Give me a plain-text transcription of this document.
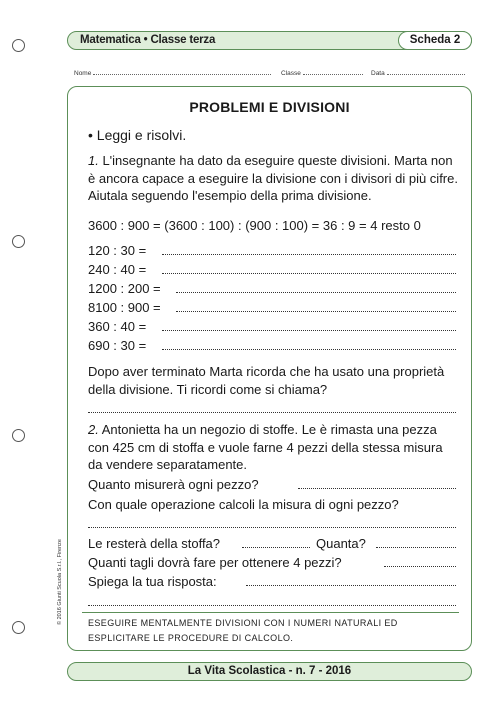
Matematica • Classe terza	Scheda 2
Nome	Classe	Data
PROBLEMI E DIVISIONI
• Leggi e risolvi.
1. L'insegnante ha dato da eseguire queste divisioni. Marta non è ancora capace a eseguire la divisione con i divisori di più cifre. Aiutala seguendo l'esempio della prima divisione.
3600 : 900 = (3600 : 100) : (900 : 100) = 36 : 9 = 4 resto 0
120 : 30 =
240 : 40 =
1200 : 200 =
8100 : 900 =
360 : 40 =
690 : 30 =
Dopo aver terminato Marta ricorda che ha usato una proprietà della divisione. Ti ricordi come si chiama?
2. Antonietta ha un negozio di stoffe. Le è rimasta una pezza con 425 cm di stoffa e vuole farne 4 pezzi della stessa misura da vendere separatamente.
Quanto misurerà ogni pezzo?
Con quale operazione calcoli la misura di ogni pezzo?
Le resterà della stoffa?	Quanta?
Quanti tagli dovrà fare per ottenere 4 pezzi?
Spiega la tua risposta:
ESEGUIRE MENTALMENTE DIVISIONI CON I NUMERI NATURALI ED ESPLICITARE LE PROCEDURE DI CALCOLO.
© 2016 Giunti Scuola S.r.l., Firenze
La Vita Scolastica - n. 7 - 2016
